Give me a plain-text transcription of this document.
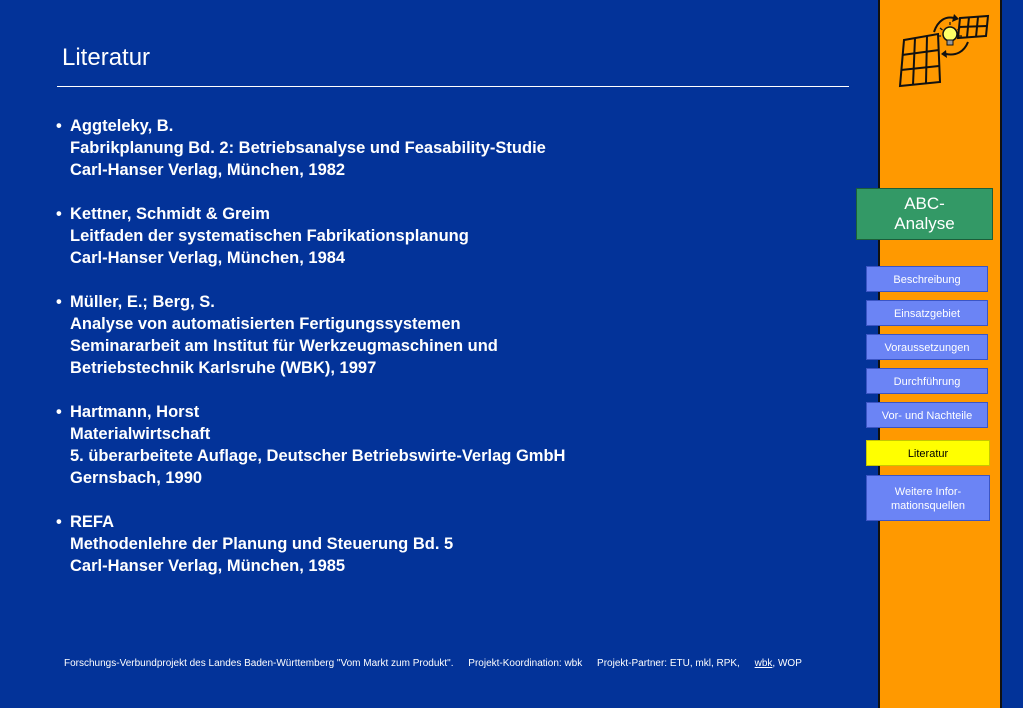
Literatur
• Aggteleky, B.
Fabrikplanung Bd. 2: Betriebsanalyse und Feasability-Studie
Carl-Hanser Verlag, München, 1982
• Kettner, Schmidt & Greim
Leitfaden der systematischen Fabrikationsplanung
Carl-Hanser Verlag, München, 1984
• Müller, E.; Berg, S.
Analyse von automatisierten Fertigungssystemen
Seminararbeit am Institut für Werkzeugmaschinen und
Betriebstechnik Karlsruhe (WBK), 1997
• Hartmann, Horst
Materialwirtschaft
5. überarbeitete Auflage, Deutscher Betriebswirte-Verlag GmbH
Gernsbach, 1990
• REFA
Methodenlehre der Planung und Steuerung Bd. 5
Carl-Hanser Verlag, München, 1985
Forschungs-Verbundprojekt des Landes Baden-Württemberg "Vom Markt zum Produkt". Projekt-Koordination: wbk Projekt-Partner: ETU, mkl, RPK, wbk, WOP
ABC-
Analyse
Beschreibung
Einsatzgebiet
Voraussetzungen
Durchführung
Vor- und Nachteile
Literatur
Weitere Infor-
mationsquellen
